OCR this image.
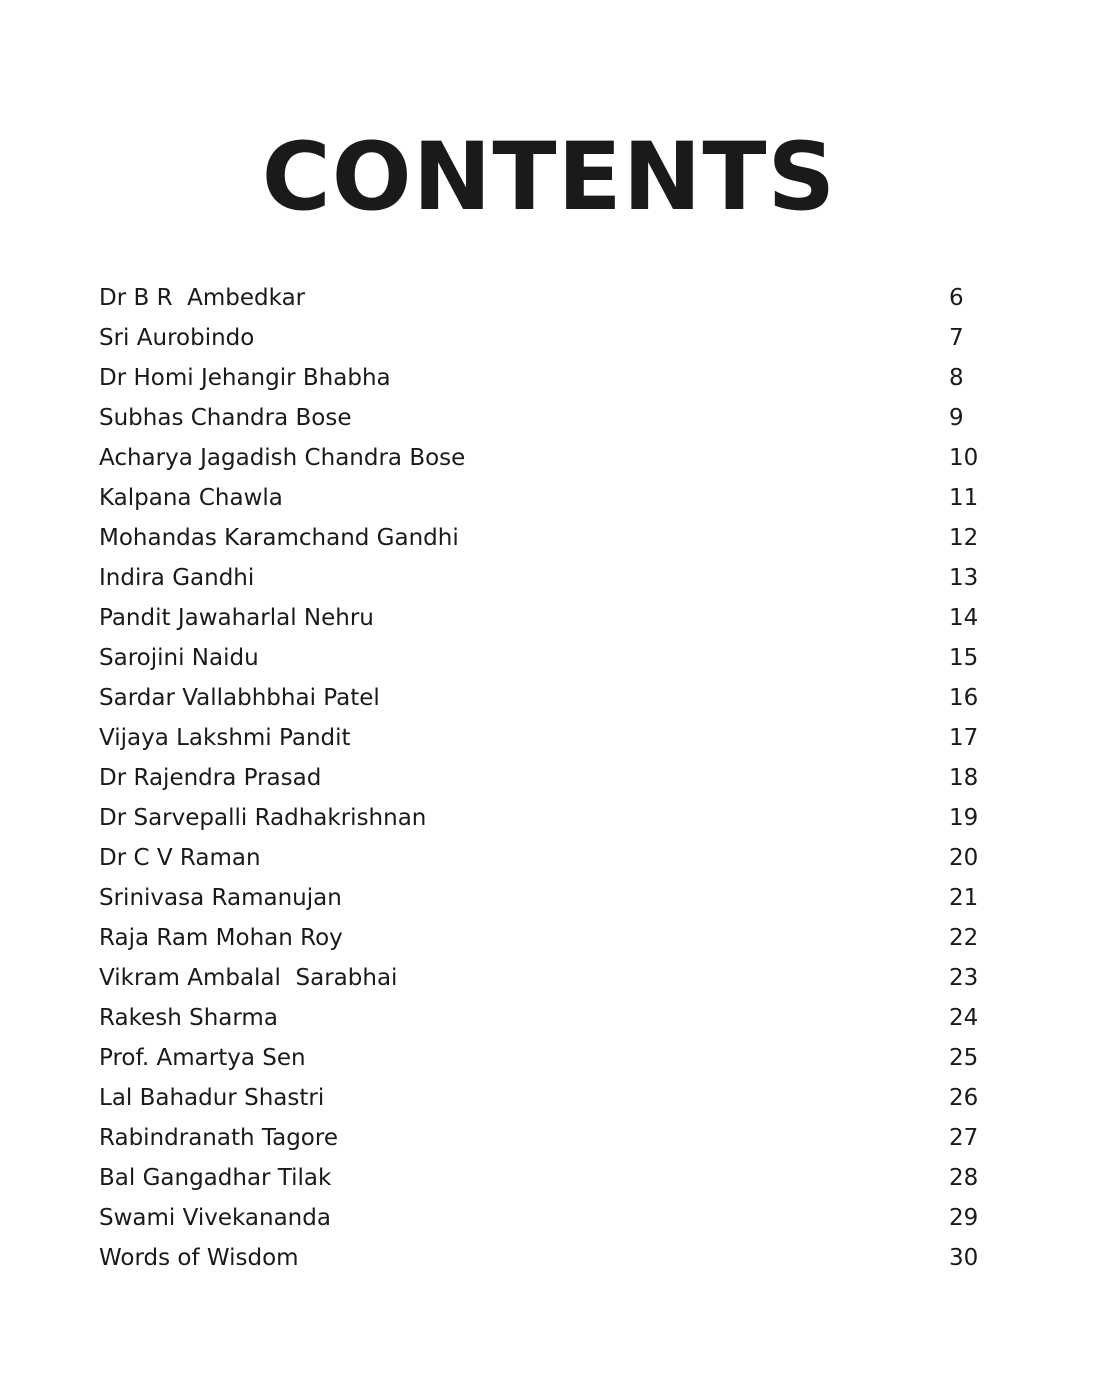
CONTENTS
Dr B R  Ambedkar	6
Sri Aurobindo	7
Dr Homi Jehangir Bhabha	8
Subhas Chandra Bose	9
Acharya Jagadish Chandra Bose	10
Kalpana Chawla	11
Mohandas Karamchand Gandhi	12
Indira Gandhi	13
Pandit Jawaharlal Nehru	14
Sarojini Naidu	15
Sardar Vallabhbhai Patel	16
Vijaya Lakshmi Pandit	17
Dr Rajendra Prasad	18
Dr Sarvepalli Radhakrishnan	19
Dr C V Raman	20
Srinivasa Ramanujan	21
Raja Ram Mohan Roy	22
Vikram Ambalal  Sarabhai	23
Rakesh Sharma	24
Prof. Amartya Sen	25
Lal Bahadur Shastri	26
Rabindranath Tagore	27
Bal Gangadhar Tilak	28
Swami Vivekananda	29
Words of Wisdom	30
